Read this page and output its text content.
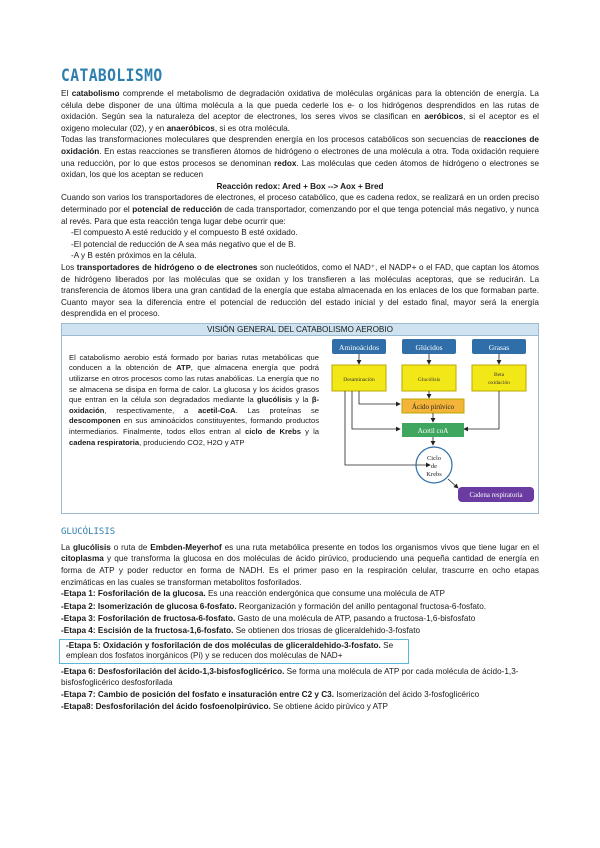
CATABOLISMO

El catabolismo comprende el metabolismo de degradación oxidativa de moléculas orgánicas para la obtención de energía. La célula debe disponer de una última molécula a la que pueda cederle los e- o los hidrógenos desprendidos en las rutas de oxidación. Según sea la naturaleza del aceptor de electrones, los seres vivos se clasifican en aeróbicos, si el aceptor es el oxigeno molecular (02), y en anaeróbicos, si es otra molécula.

Todas las transformaciones moleculares que desprenden energía en los procesos catabólicos son secuencias de reacciones de oxidación. En estas reacciones se transfieren átomos de hidrógeno o electrones de una molécula a otra. Toda oxidación requiere una reducción, por lo que estos procesos se denominan redox. Las moléculas que ceden átomos de hidrógeno o electrones se oxidan, los que los aceptan se reducen

Reacción redox: Ared + Box --> Aox + Bred

Cuando son varios los transportadores de electrones, el proceso catabólico, que es cadena redox, se realizará en un orden preciso determinado por el potencial de reducción de cada transportador, comenzando por el que tenga potencial más negativo, y nunca al revés. Para que esta reacción tenga lugar debe ocurrir que:

-El compuesto A esté reducido y el compuesto B esté oxidado.
-El potencial de reducción de A sea más negativo que el de B.
-A y B estén próximos en la célula.

Los transportadores de hidrógeno o de electrones son nucleótidos, como el NAD⁺, el NADP+ o el FAD, que captan los átomos de hidrógeno liberados por las moléculas que se oxidan y los transfieren a las moléculas aceptoras, que se reducirán. La transferencia de átomos libera una gran cantidad de la energía que estaba almacenada en los enlaces de los que formaban parte. Cuanto mayor sea la diferencia entre el potencial de reducción del estado inicial y del estado final, mayor será la energía desprendida en el proceso.

VISIÓN GENERAL DEL CATABOLISMO AEROBIO

El catabolismo aerobio está formado por barias rutas metabólicas que conducen a la obtención de ATP, que almacena energía que podrá utilizarse en otros procesos como las rutas anabólicas. La energía que no se almacena se disipa en forma de calor. La glucosa y los ácidos grasos que entran en la célula son degradados mediante la glucólisis y la β-oxidación, respectivamente, a acetil-CoA. Las proteínas se descomponen en sus aminoácidos constituyentes, formando productos intermediarios. Finalmente, todos ellos entran al ciclo de Krebs y la cadena respiratoria, produciendo CO2, H2O y ATP

Aminoácidos	Glúcidos	Grasas
Desaminación	Glucólisis
Beta
oxidación
Ácido pirúvico
Acetil coA
Ciclo
de
Krebs
Cadena respiratoria
GLUCÓLISIS

La glucólisis o ruta de Embden-Meyerhof es una ruta metabólica presente en todos los organismos vivos que tiene lugar en el citoplasma y que transforma la glucosa en dos moléculas de ácido pirúvico, produciendo una pequeña cantidad de energía en forma de ATP y poder reductor en forma de NADH. Es el primer paso en la respiración celular, trascurre en ocho etapas enzimáticas en las cuales se transforman metabolitos fosforilados.

-Etapa 1: Fosforilación de la glucosa. Es una reacción endergónica que consume una molécula de ATP
-Etapa 2: Isomerización de glucosa 6-fosfato. Reorganización y formación del anillo pentagonal fructosa-6-fosfato.
-Etapa 3: Fosforilación de fructosa-6-fosfato. Gasto de una molécula de ATP, pasando a fructosa-1,6-bisfosfato
-Etapa 4: Escisión de la fructosa-1,6-fosfato. Se obtienen dos triosas de gliceraldehido-3-fosfato
-Etapa 5: Oxidación y fosforilación de dos moléculas de gliceraldehido-3-fosfato. Se emplean dos fosfatos inorgánicos (Pi) y se reducen dos moléculas de NAD+
-Etapa 6: Desfosforilación del ácido-1,3-bisfosfoglicérico. Se forma una molécula de ATP por cada molécula de ácido-1,3-bisfosfoglicérico desfosforilada
-Etapa 7: Cambio de posición del fosfato e insaturación entre C2 y C3. Isomerización del ácido 3-fosfoglicérico
-Etapa8: Desfosforilación del ácido fosfoenolpirúvico. Se obtiene ácido pirúvico y ATP
